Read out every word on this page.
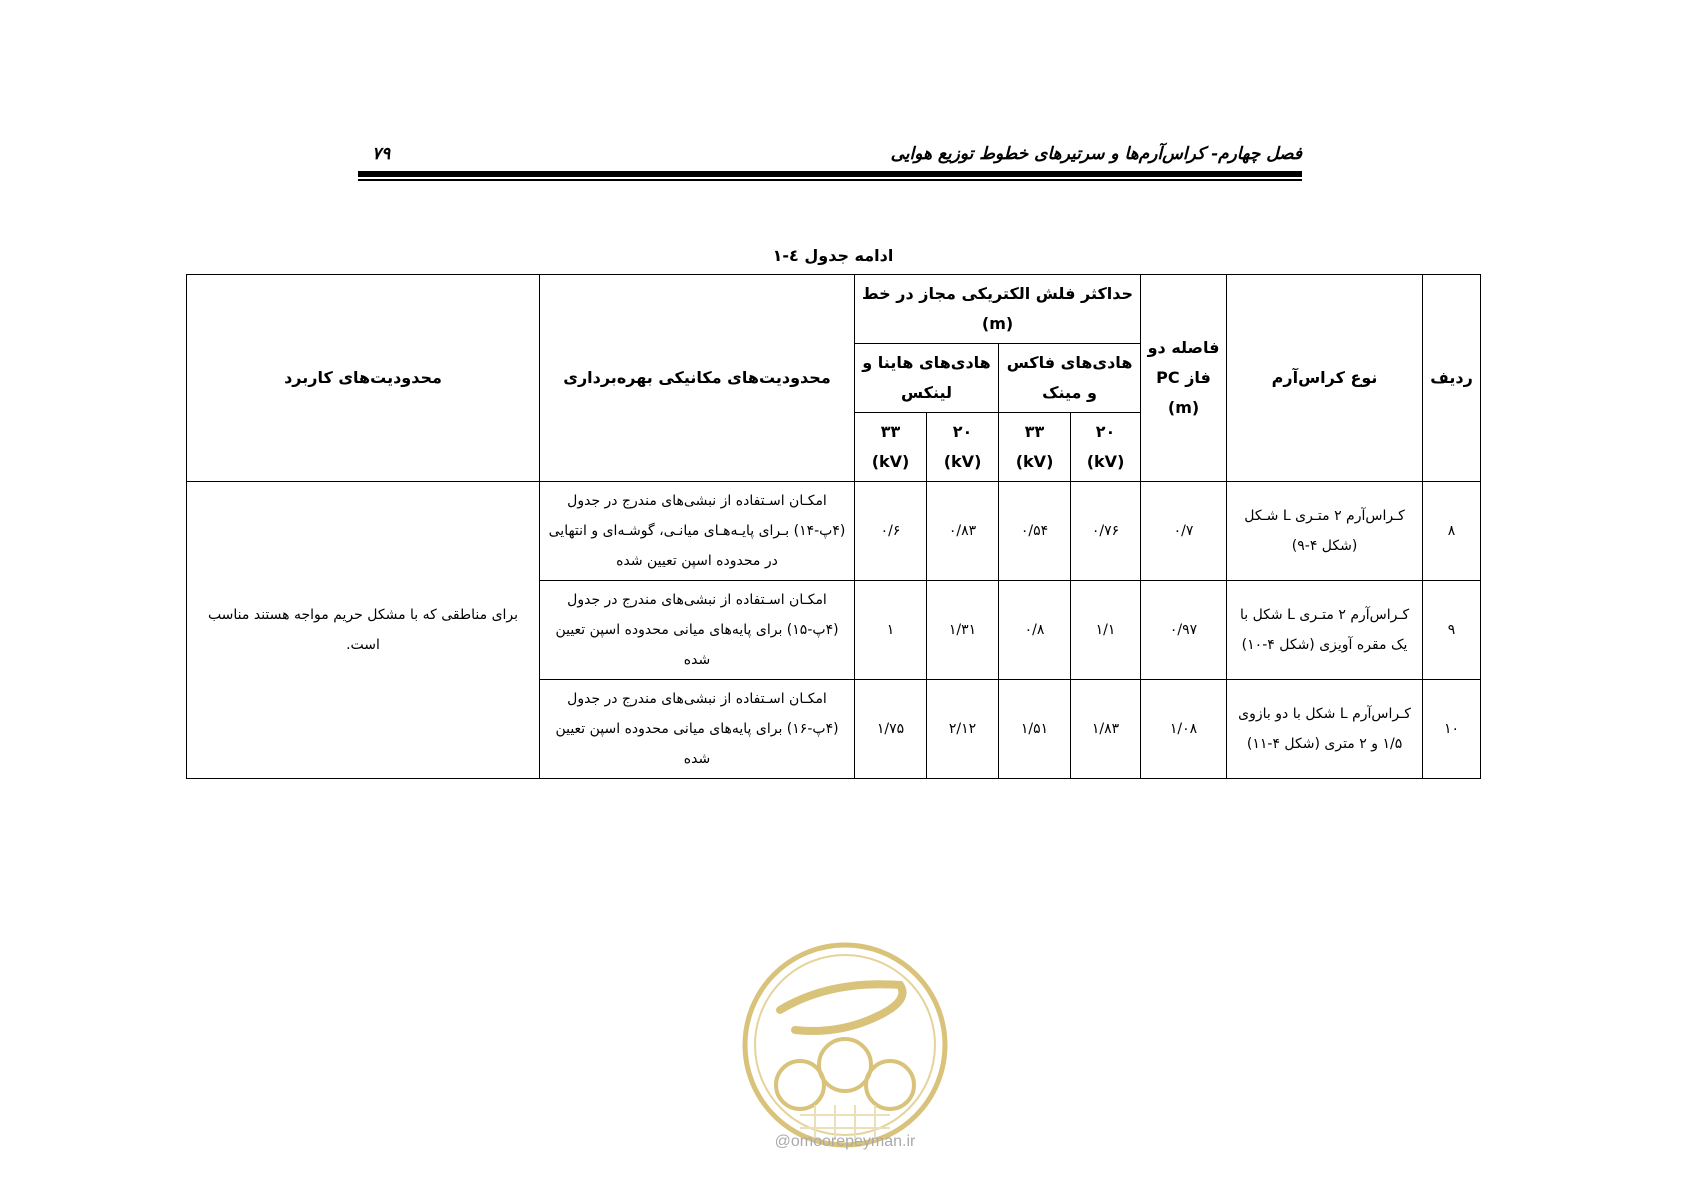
فصل چهارم- کراس‌آرم‌ها و سرتیرهای خطوط توزیع هوایی
۷۹
ادامه جدول ٤-١
ردیف	نوع کراس‌آرم	فاصله دو فاز PC (m)	حداکثر فلش الکتریکی مجاز در خط (m)				محدودیت‌های مکانیکی بهره‌برداری	محدودیت‌های کاربرد
			هادی‌های فاکس و مینک		هادی‌های هاینا و لینکس			
			۲۰ (kV)	۳۳ (kV)	۲۰ (kV)	۳۳ (kV)		
۸	کـراس‌آرم ۲ متـری L شـکل (شکل ۴-۹)	۰/۷	۰/۷۶	۰/۵۴	۰/۸۳	۰/۶	امکـان اسـتفاده از نبشی‌های مندرج در جدول (۴پ-۱۴) بـرای پایـه‌هـای میانـی، گوشـه‌ای و انتهایی در محدوده اسپن تعیین شده	برای مناطقی که با مشکل حریم مواجه هستند مناسب است.
۹	کـراس‌آرم ۲ متـری L شکل با یک مقره آویزی (شکل ۴-۱۰)	۰/۹۷	۱/۱	۰/۸	۱/۳۱	۱	امکـان اسـتفاده از نبشی‌های مندرج در جدول (۴پ-۱۵) برای پایه‌های میانی محدوده اسپن تعیین شده	
۱۰	کـراس‌آرم L شکل با دو بازوی ۱/۵ و ۲ متری (شکل ۴-۱۱)	۱/۰۸	۱/۸۳	۱/۵۱	۲/۱۲	۱/۷۵	امکـان اسـتفاده از نبشی‌های مندرج در جدول (۴پ-۱۶) برای پایه‌های میانی محدوده اسپن تعیین شده	
@omoorepeyman.ir
